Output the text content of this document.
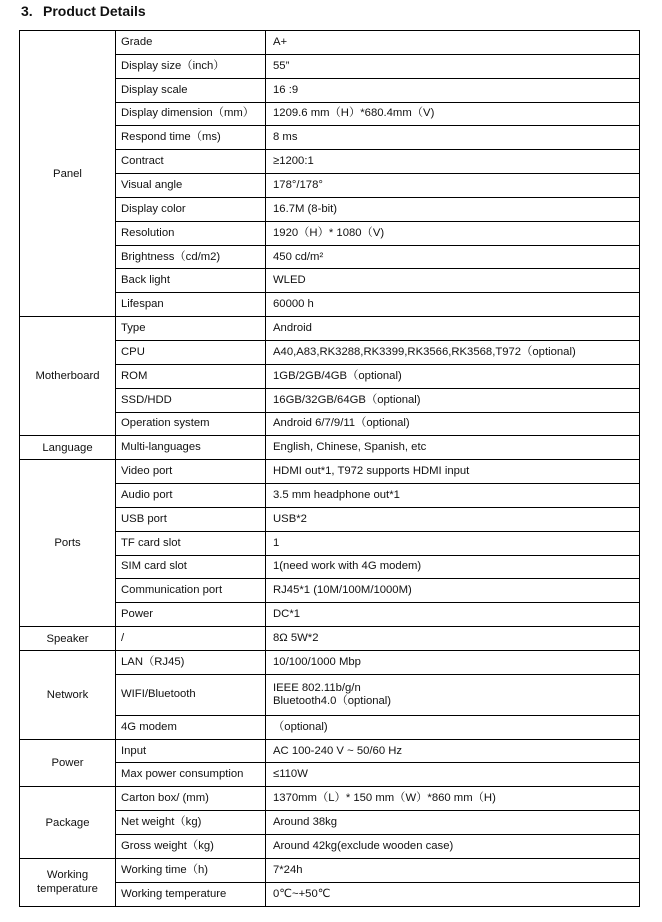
3. Product Details
Panel	Grade	A+
	Display size（inch）	55”
	Display scale	16 :9
	Display dimension（mm）	1209.6 mm（H）*680.4mm（V)
	Respond time（ms)	8 ms
	Contract	≥1200:1
	Visual angle	178°/178°
	Display color	16.7M (8-bit)
	Resolution	1920（H）* 1080（V)
	Brightness（cd/m2)	450 cd/m²
	Back light	WLED
	Lifespan	60000 h
Motherboard	Type	Android
	CPU	A40,A83,RK3288,RK3399,RK3566,RK3568,T972（optional)
	ROM	1GB/2GB/4GB（optional)
	SSD/HDD	16GB/32GB/64GB（optional)
	Operation system	Android 6/7/9/11（optional)
Language	Multi-languages	English, Chinese, Spanish, etc
Ports	Video port	HDMI out*1, T972 supports HDMI input
	Audio port	3.5 mm headphone out*1
	USB port	USB*2
	TF card slot	1
	SIM card slot	1(need work with 4G modem)
	Communication port	RJ45*1 (10M/100M/1000M)
	Power	DC*1
Speaker	/	8Ω 5W*2
Network	LAN（RJ45)	10/100/1000 Mbp
	WIFI/Bluetooth	IEEE 802.11b/g/n
Bluetooth4.0（optional)

	4G modem	（optional)
Power	Input	AC 100-240 V ~ 50/60 Hz
	Max power consumption	≤110W
Package	Carton box/ (mm)	1370mm（L）* 150 mm（W）*860 mm（H)
	Net weight（kg)	Around 38kg
	Gross weight（kg)	Around 42kg(exclude wooden case)
Working temperature	Working time（h)	7*24h
	Working temperature	0℃~+50℃
